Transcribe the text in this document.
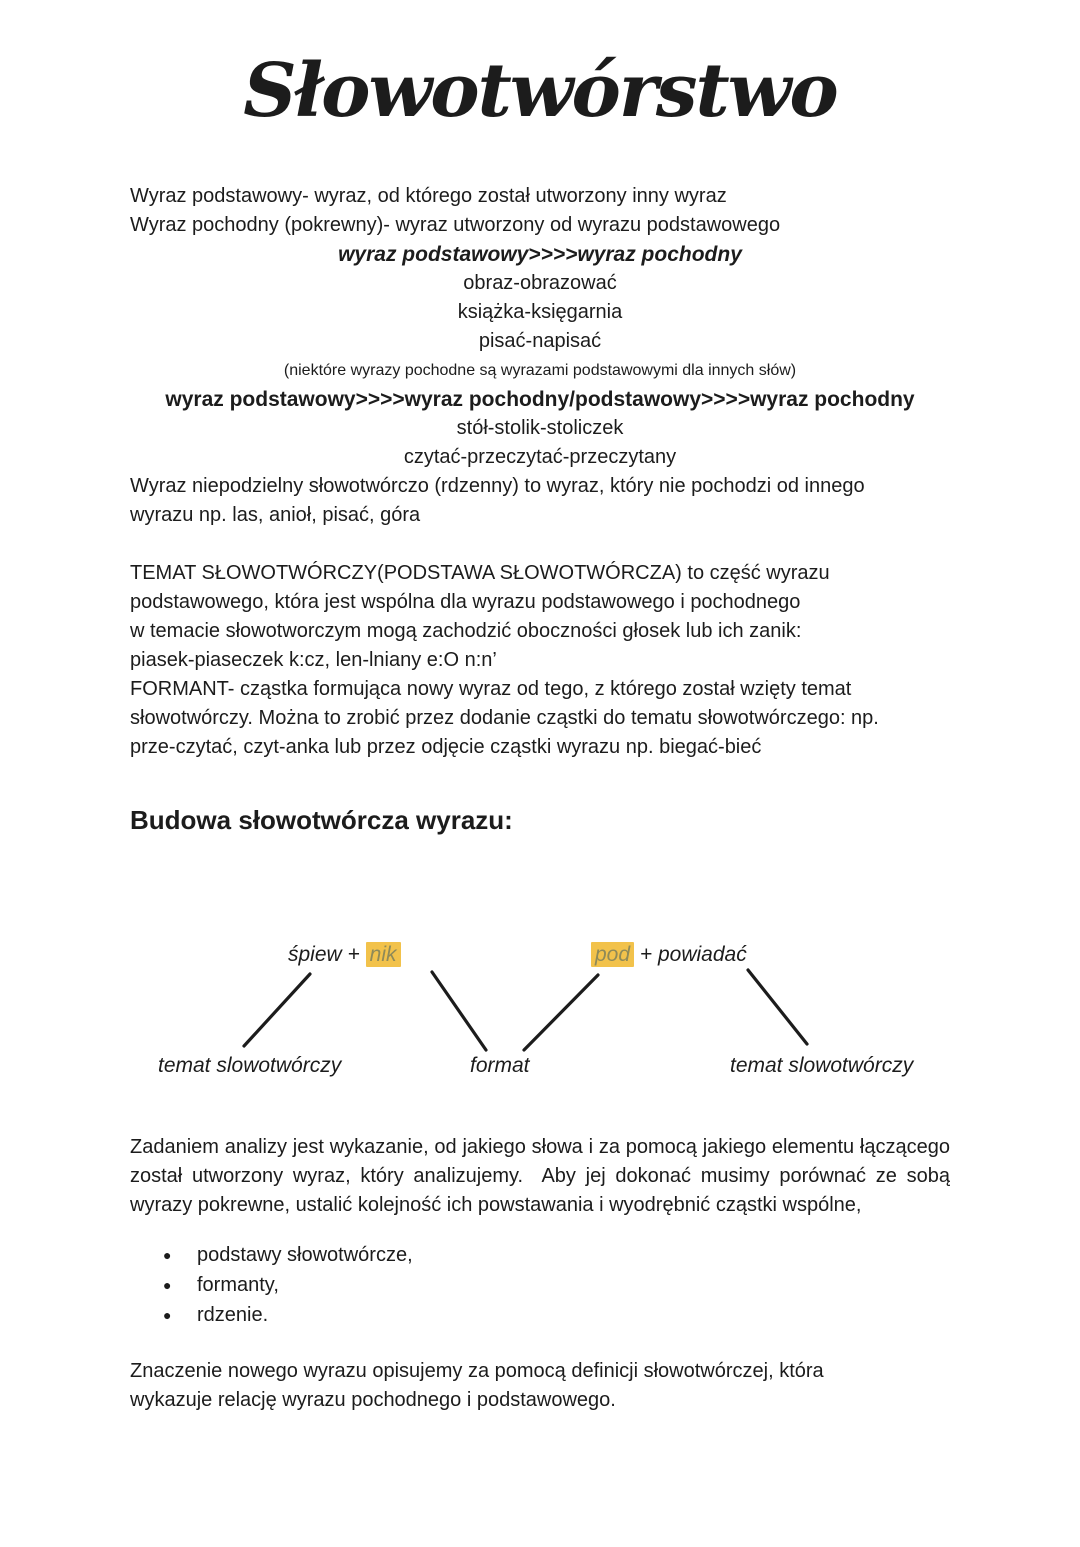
Słowotwórstwo
Wyraz podstawowy- wyraz, od którego został utworzony inny wyraz
Wyraz pochodny (pokrewny)- wyraz utworzony od wyrazu podstawowego
wyraz podstawowy>>>>wyraz pochodny
obraz-obrazować
książka-księgarnia
pisać-napisać
(niektóre wyrazy pochodne są wyrazami podstawowymi dla innych słów)
wyraz podstawowy>>>>wyraz pochodny/podstawowy>>>>wyraz pochodny
stół-stolik-stoliczek
czytać-przeczytać-przeczytany
Wyraz niepodzielny słowotwórczo (rdzenny) to wyraz, który nie pochodzi od innego
wyrazu np. las, anioł, pisać, góra
TEMAT SŁOWOTWÓRCZY(PODSTAWA SŁOWOTWÓRCZA) to część wyrazu
podstawowego, która jest wspólna dla wyrazu podstawowego i pochodnego
w temacie słowotworczym mogą zachodzić oboczności głosek lub ich zanik:
piasek-piaseczek k:cz, len-lniany e:O n:n’
FORMANT- cząstka formująca nowy wyraz od tego, z którego został wzięty temat
słowotwórczy. Można to zrobić przez dodanie cząstki do tematu słowotwórczego: np.
prze-czytać, czyt-anka lub przez odjęcie cząstki wyrazu np. biegać-bieć
Budowa słowotwórcza wyrazu:
śpiew + nik	pod + powiadać
temat slowotwórczy	format	temat slowotwórczy

Zadaniem analizy jest wykazanie, od jakiego słowa i za pomocą jakiego elementu łączącego został utworzony wyraz, który analizujemy.  Aby jej dokonać musimy porównać ze sobą wyrazy pokrewne, ustalić kolejność ich powstawania i wyodrębnić cząstki wspólne,

● podstawy słowotwórcze,
● formanty,
● rdzenie.
Znaczenie nowego wyrazu opisujemy za pomocą definicji słowotwórczej, która
wykazuje relację wyrazu pochodnego i podstawowego.
